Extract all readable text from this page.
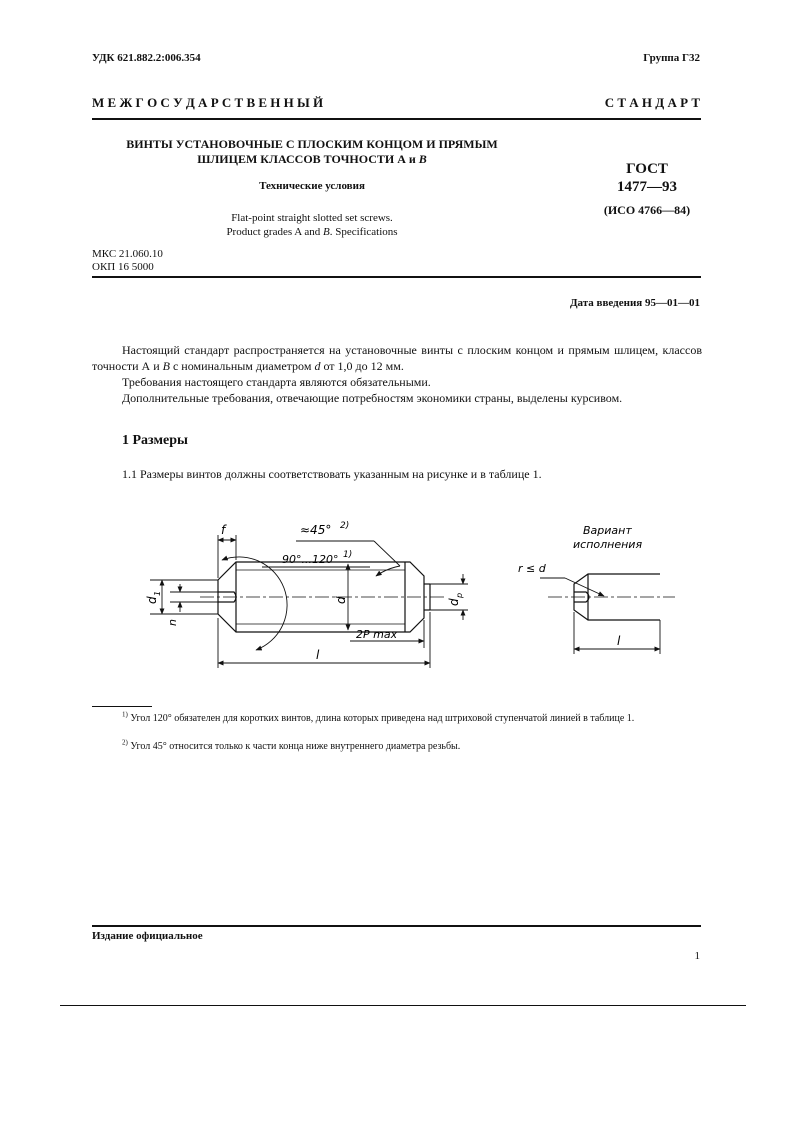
УДК 621.882.2:006.354	Группа Г32
М Е Ж Г О С У Д А Р С Т В Е Н Н Ы Й	С Т А Н Д А Р Т
ВИНТЫ УСТАНОВОЧНЫЕ С ПЛОСКИМ КОНЦОМ И ПРЯМЫМ
ШЛИЦЕМ КЛАССОВ ТОЧНОСТИ А и B
Технические условия
Flat-point straight slotted set screws.
Product grades A and B. Specifications
ГОСТ
1477—93
(ИСО 4766—84)
МКС 21.060.10
ОКП 16 5000
Дата введения 95—01—01
Настоящий стандарт распространяется на установочные винты с плоским концом и прямым шлицем, классов точности А и B с номинальным диаметром d от 1,0 до 12 мм.
Требования настоящего стандарта являются обязательными.
Дополнительные требования, отвечающие потребностям экономики страны, выделены курсивом.
1 Размеры
1.1 Размеры винтов должны соответствовать указанным на рисунке и в таблице 1.
f	≈45° 2)
90°...120° 1)
d
1
n
d	d
p
2P max
l
Вариант
исполнения
r ≤ d
l
$^{1)}$ Угол 120° обязателен для коротких винтов, длина которых приведена над штриховой ступенчатой линией в таблице 1.
$^{2)}$ Угол 45° относится только к части конца ниже внутреннего диаметра резьбы.
Издание официальное
1
